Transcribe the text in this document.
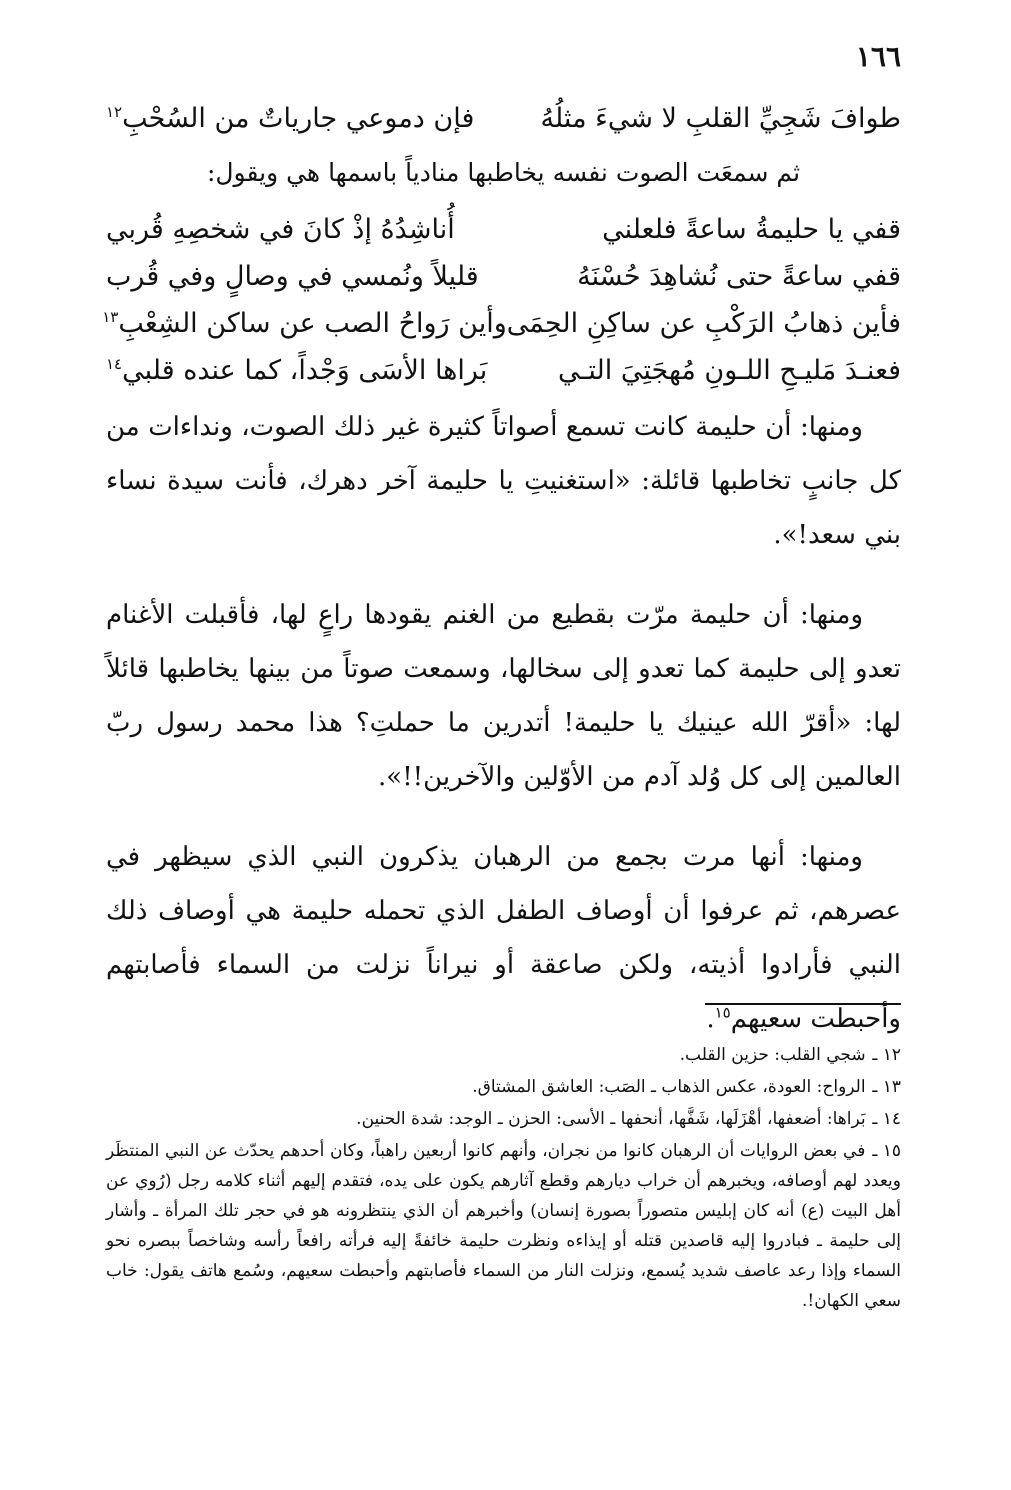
١٦٦
طوافَ شَجِيِّ القلبِ لا شيءَ مثلُهُ
فإن دموعي جارياتٌ من السُحْبِ$^{١٢}$
ثم سمعَت الصوت نفسه يخاطبها منادياً باسمها هي ويقول:
قفي يا حليمةُ ساعةً فلعلني
أُناشِدُهُ إذْ كانَ في شخصِهِ قُربي
قفي ساعةً حتى نُشاهِدَ حُسْنَهُ
قليلاً ونُمسي في وصالٍ وفي قُرب
فأين ذهابُ الرَكْبِ عن ساكِنِ الحِمَى
وأين رَواحُ الصب عن ساكن الشِعْبِ$^{١٣}$
فعنـدَ مَليـحِ اللـونِ مُهجَتِيَ التـي
بَراها الأسَى وَجْداً، كما عنده قلبي$^{١٤}$

ومنها: أن حليمة كانت تسمع أصواتاً كثيرة غير ذلك الصوت، ونداءات من كل جانبٍ تخاطبها قائلة: «استغنيتِ يا حليمة آخر دهرك، فأنت سيدة نساء بني سعد!».

ومنها: أن حليمة مرّت بقطيع من الغنم يقودها راعٍ لها، فأقبلت الأغنام تعدو إلى حليمة كما تعدو إلى سخالها، وسمعت صوتاً من بينها يخاطبها قائلاً لها: «أقرّ الله عينيك يا حليمة! أتدرين ما حملتِ؟ هذا محمد رسول ربّ العالمين إلى كل وُلد آدم من الأوّلين والآخرين!!».

ومنها: أنها مرت بجمع من الرهبان يذكرون النبي الذي سيظهر في عصرهم، ثم عرفوا أن أوصاف الطفل الذي تحمله حليمة هي أوصاف ذلك النبي فأرادوا أذيته، ولكن صاعقة أو نيراناً نزلت من السماء فأصابتهم وأحبطت سعيهم$^{١٥}$.

١٢ ـ شجي القلب: حزين القلب.

١٣ ـ الرواح: العودة، عكس الذهاب ـ الصَب: العاشق المشتاق.

١٤ ـ بَراها: أضعفها، أهْزَلَها، شَفَّها، أنحفها ـ الأسى: الحزن ـ الوجد: شدة الحنين.

١٥ ـ في بعض الروايات أن الرهبان كانوا من نجران، وأنهم كانوا أربعين راهباً، وكان أحدهم يحدّث عن النبي المنتظَر ويعدد لهم أوصافه، ويخبرهم أن خراب ديارهم وقطع آثارهم يكون على يده، فتقدم إليهم أثناء كلامه رجل (رُوي عن أهل البيت (ع) أنه كان إبليس متصوراً بصورة إنسان) وأخبرهم أن الذي ينتظرونه هو في حجر تلك المرأة ـ وأشار إلى حليمة ـ فبادروا إليه قاصدين قتله أو إيذاءه ونظرت حليمة خائفةً إليه فرأته رافعاً رأسه وشاخصاً ببصره نحو السماء وإذا رعد عاصف شديد يُسمع، ونزلت النار من السماء فأصابتهم وأحبطت سعيهم، وسُمع هاتف يقول: خاب سعي الكهان!.
